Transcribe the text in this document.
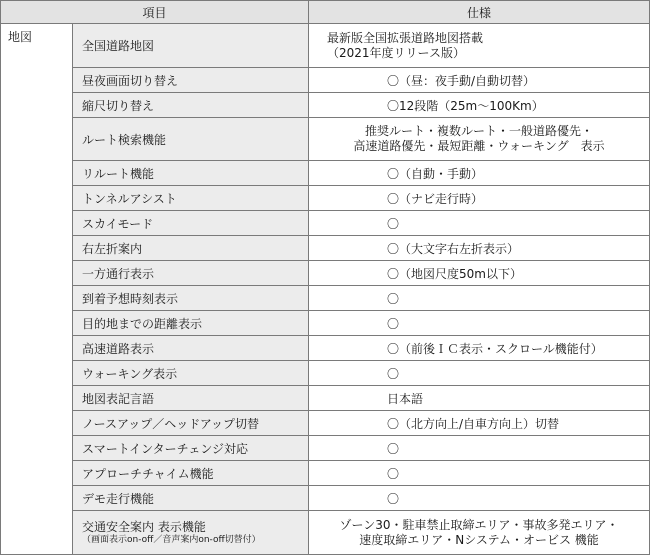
項目		仕様
地図	全国道路地図	最新版全国拡張道路地図搭載
（2021年度リリース版）

	昼夜画面切り替え	〇（昼：夜手動/自動切替）
	縮尺切り替え	〇12段階（25m〜100Km）
	ルート検索機能	推奨ルート・複数ルート・一般道路優先・
高速道路優先・最短距離・ウォーキング　表示

	リルート機能	〇（自動・手動）
	トンネルアシスト	〇（ナビ走行時）
	スカイモード	〇
	右左折案内	〇（大文字右左折表示）
	一方通行表示	〇（地図尺度50m以下）
	到着予想時刻表示	〇
	目的地までの距離表示	〇
	高速道路表示	〇（前後ＩＣ表示・スクロール機能付）
	ウォーキング表示	〇
	地図表記言語	日本語
	ノースアップ／ヘッドアップ切替	〇（北方向上/自車方向上）切替
	スマートインターチェンジ対応	〇
	アプローチチャイム機能	〇
	デモ走行機能	〇

	交通安全案内 表示機能
（画面表示on-off／音声案内on-off切替付）	ゾーン30・駐車禁止取締エリア・事故多発エリア・
速度取締エリア・Nシステム・オービス 機能
